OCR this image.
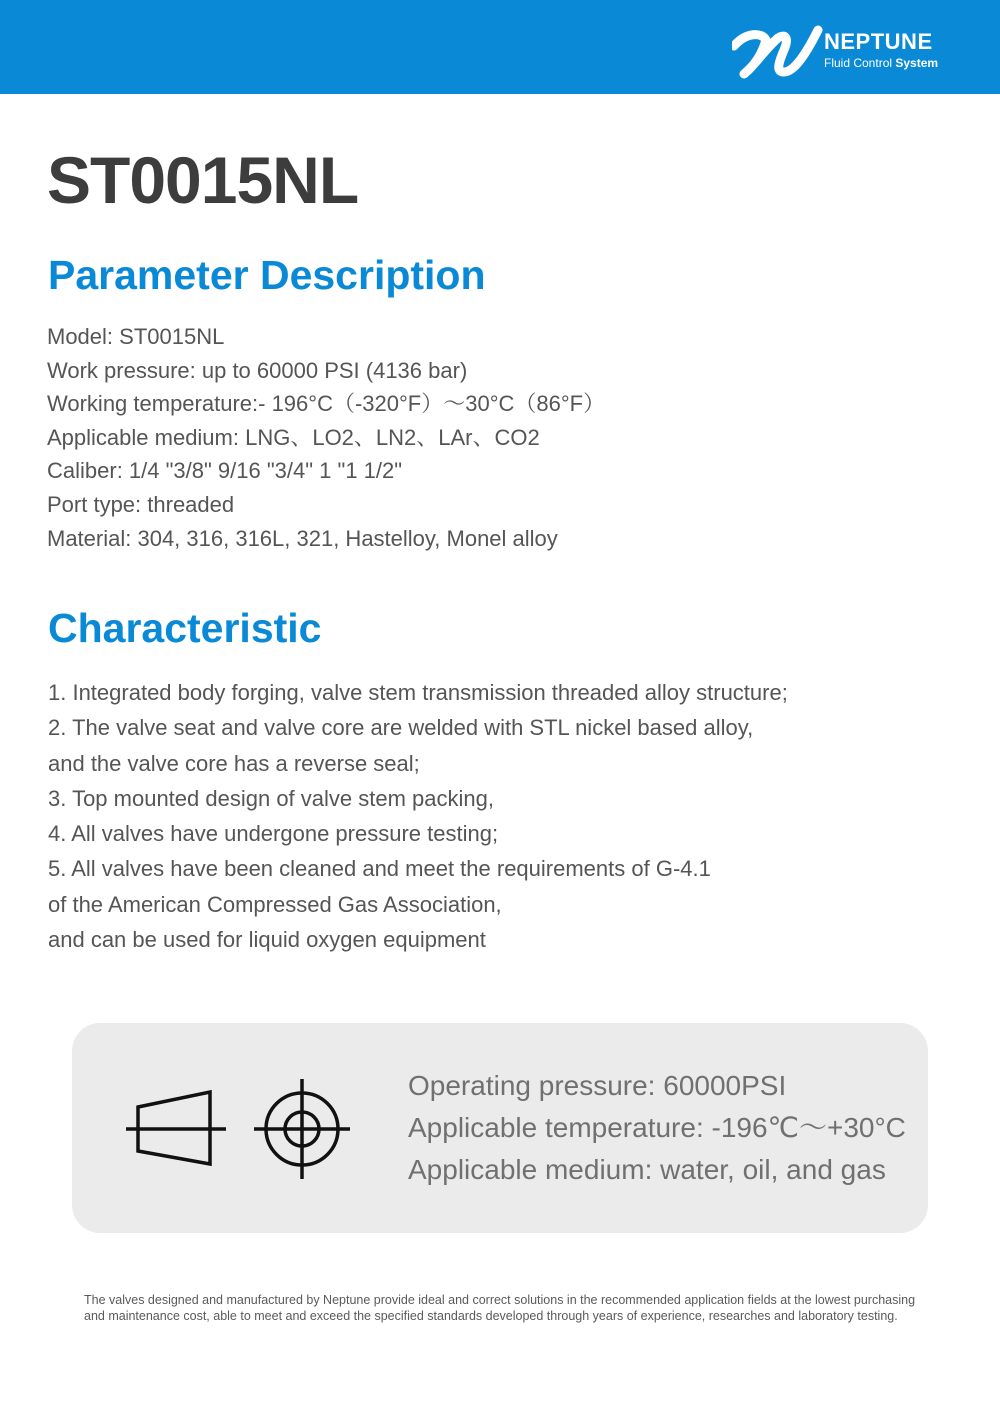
NEPTUNE
Fluid Control System
ST0015NL
Parameter Description
Model: ST0015NL
Work pressure: up to 60000 PSI (4136 bar)
Working temperature:- 196°C（-320°F）～30°C（86°F）
Applicable medium: LNG、LO2、LN2、LAr、CO2
Caliber: 1/4 "3/8" 9/16 "3/4" 1 "1 1/2"
Port type: threaded
Material: 304, 316, 316L, 321, Hastelloy, Monel alloy
Characteristic
1. Integrated body forging, valve stem transmission threaded alloy structure;
2. The valve seat and valve core are welded with STL nickel based alloy,
and the valve core has a reverse seal;
3. Top mounted design of valve stem packing,
4. All valves have undergone pressure testing;
5. All valves have been cleaned and meet the requirements of G-4.1
of the American Compressed Gas Association,
and can be used for liquid oxygen equipment
Operating pressure: 60000PSI
Applicable temperature: -196℃～+30°C
Applicable medium: water, oil, and gas

The valves designed and manufactured by Neptune provide ideal and correct solutions in the recommended application fields at the lowest purchasing and maintenance cost, able to meet and exceed the specified standards developed through years of experience, researches and laboratory testing.
